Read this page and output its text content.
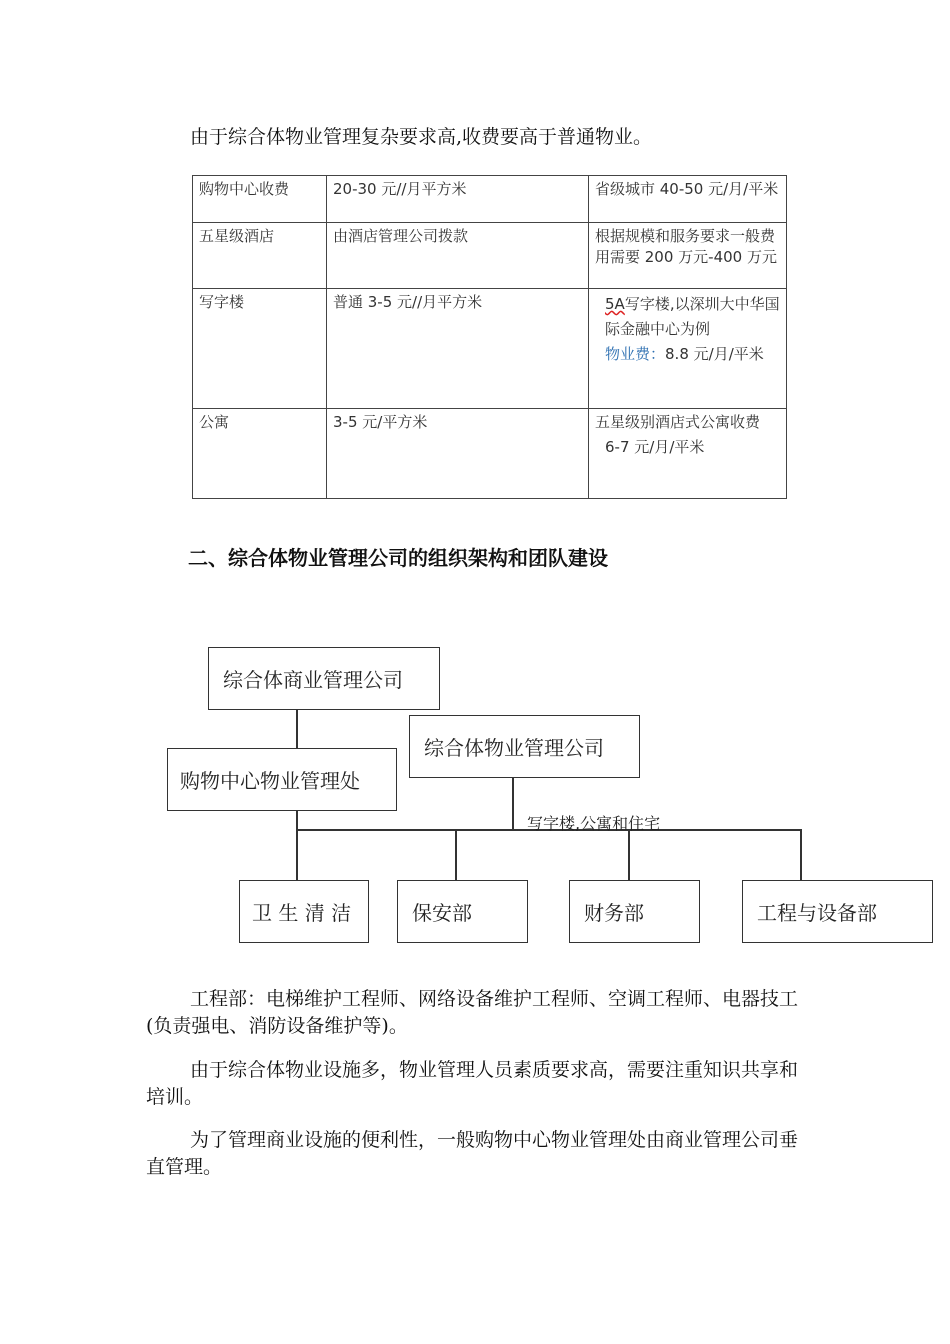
由于综合体物业管理复杂要求高,收费要高于普通物业。
购物中心收费	20-30 元//月平方米	省级城市 40-50 元/月/平米
五星级酒店	由酒店管理公司拨款	根据规模和服务要求一般费用需要 200 万元-400 万元
写字楼	普通 3-5 元//月平方米	5A写字楼,以深圳大中华国际金融中心为例
物业费：8.8 元/月/平米

公寓	3-5 元/平方米	五星级别酒店式公寓收费
6-7 元/月/平米
二、综合体物业管理公司的组织架构和团队建设
综合体商业管理公司
综合体物业管理公司
购物中心物业管理处
写字楼,公寓和住宅
卫 生 清 洁	保安部	财务部	工程与设备部

工程部：电梯维护工程师、网络设备维护工程师、空调工程师、电器技工(负责强电、消防设备维护等)。

由于综合体物业设施多，物业管理人员素质要求高，需要注重知识共享和培训。

为了管理商业设施的便利性，一般购物中心物业管理处由商业管理公司垂直管理。
